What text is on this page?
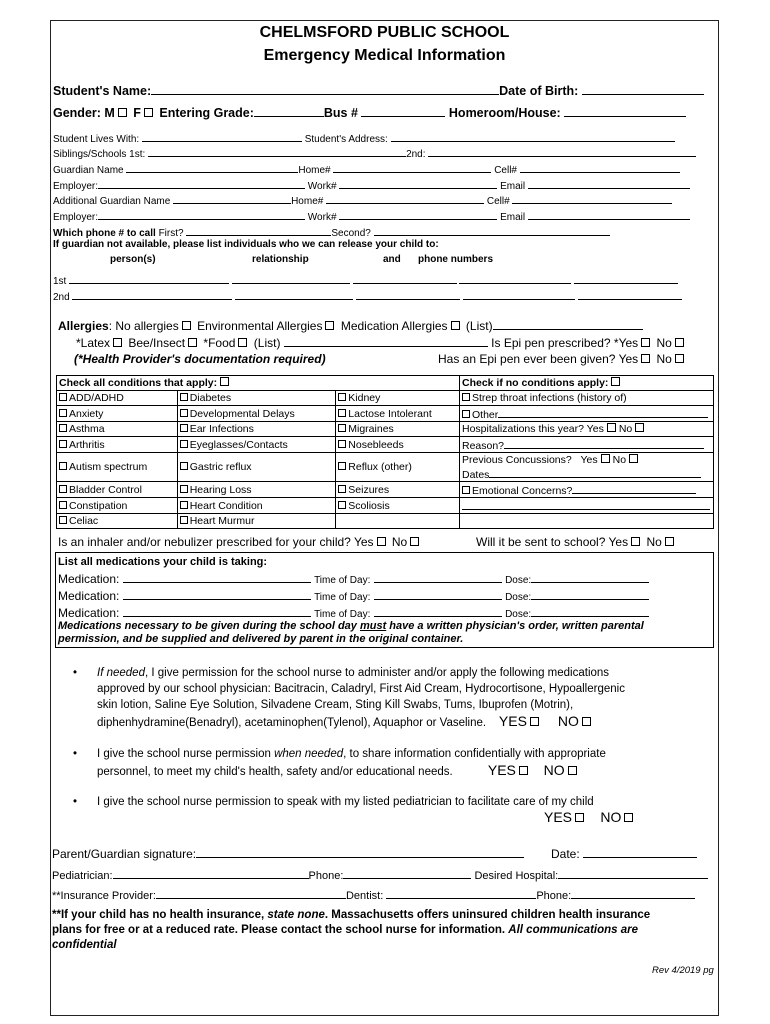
CHELMSFORD PUBLIC SCHOOL
Emergency Medical Information
Student's Name:	Date of Birth:
Gender: M F Entering Grade:	Bus #	Homeroom/House:
Student Lives With:	Student's Address:
Siblings/Schools 1st:	2nd:
Guardian Name	Home#	Cell#
Employer:	Work#	Email
Additional Guardian Name	Home#	Cell#
Employer:	Work#	Email
Which phone # to call First?	Second?
If guardian not available, please list individuals who we can release your child to:
person(s)	relationship	and phone numbers
1st
2nd
Allergies: No allergies Environmental Allergies Medication Allergies (List)
*Latex Bee/Insect *Food (List)	Is Epi pen prescribed? *Yes No
(*Health Provider's documentation required)	Has an Epi pen ever been given? Yes No
Check all conditions that apply:			Check if no conditions apply:
ADD/ADHD	Diabetes	Kidney	Strep throat infections (history of)
Anxiety	Developmental Delays	Lactose Intolerant	Other
Asthma	Ear Infections	Migraines	Hospitalizations this year? Yes No
Arthritis	Eyeglasses/Contacts	Nosebleeds	Reason?
Autism spectrum	Gastric reflux	Reflux (other)	Previous Concussions? Yes No
Dates

Bladder Control	Hearing Loss	Seizures	Emotional Concerns?
Constipation	Heart Condition	Scoliosis	
Celiac	Heart Murmur		
Is an inhaler and/or nebulizer prescribed for your child? Yes No	Will it be sent to school? Yes No
List all medications your child is taking:
Medication:	Time of Day:	Dose:
Medication:	Time of Day:	Dose:
Medication:	Time of Day:	Dose:
Medications necessary to be given during the school day must have a written physician's order, written parental
permission, and be supplied and delivered by parent in the original container.
• If needed, I give permission for the school nurse to administer and/or apply the following medications
approved by our school physician: Bacitracin, Caladryl, First Aid Cream, Hydrocortisone, Hypoallergenic
skin lotion, Saline Eye Solution, Silvadene Cream, Sting Kill Swabs, Tums, Ibuprofen (Motrin),
diphenhydramine(Benadryl), acetaminophen(Tylenol), Aquaphor or Vaseline. YES NO
• I give the school nurse permission when needed, to share information confidentially with appropriate
personnel, to meet my child's health, safety and/or educational needs.	YES NO
• I give the school nurse permission to speak with my listed pediatrician to facilitate care of my child
YES NO
Parent/Guardian signature:	Date:
Pediatrician:	Phone:	Desired Hospital:
**Insurance Provider:	Dentist:	Phone:
**If your child has no health insurance, state none. Massachusetts offers uninsured children health insurance
plans for free or at a reduced rate. Please contact the school nurse for information. All communications are
confidential
Rev 4/2019 pg
